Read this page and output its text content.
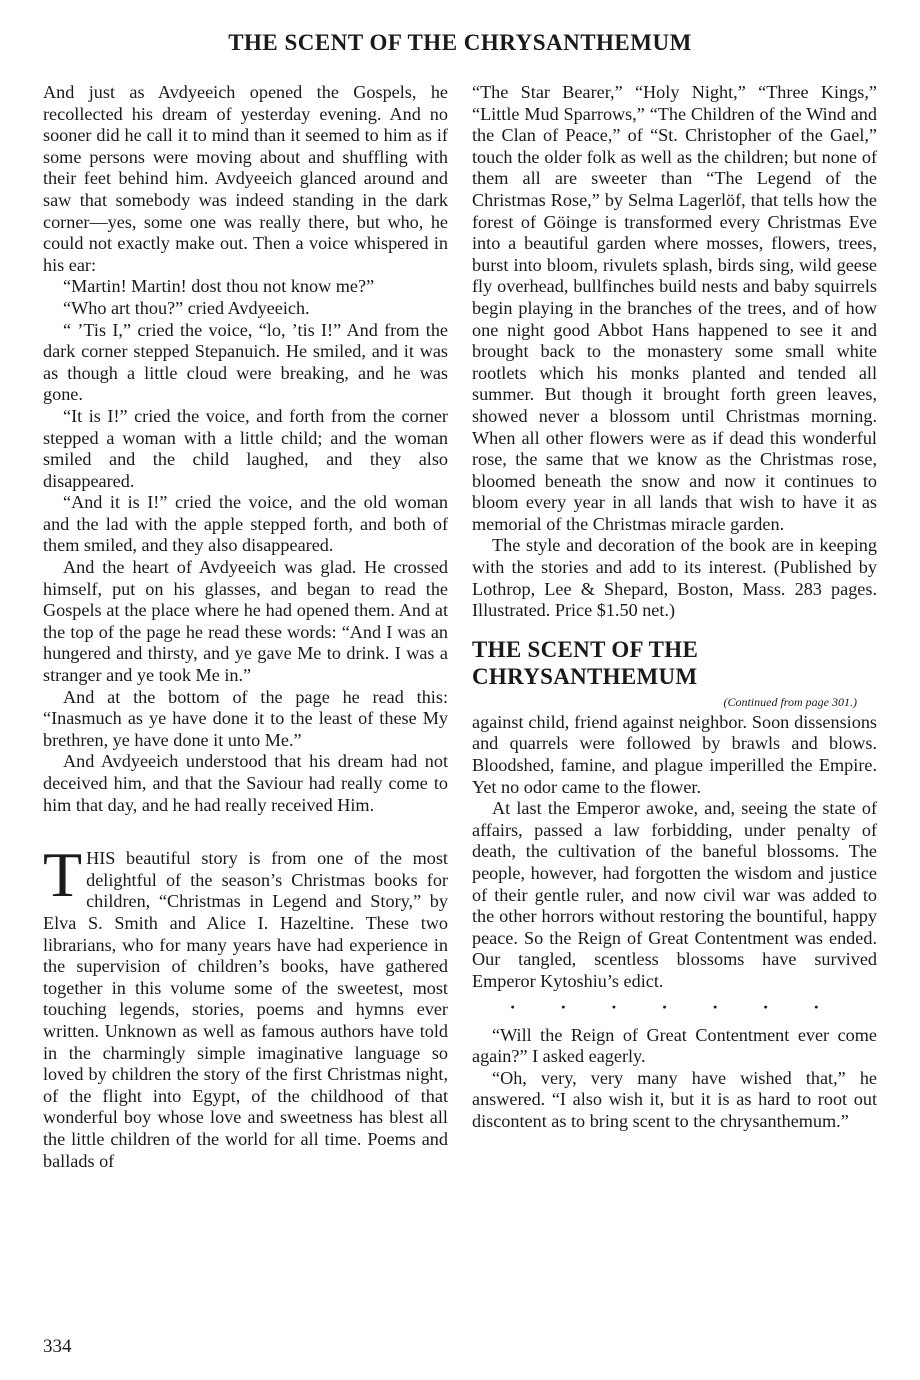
THE SCENT OF THE CHRYSANTHEMUM

And just as Avdyeeich opened the Gospels, he recollected his dream of yesterday evening. And no sooner did he call it to mind than it seemed to him as if some persons were moving about and shuffling with their feet behind him. Avdyeeich glanced around and saw that somebody was indeed standing in the dark corner—yes, some one was really there, but who, he could not exactly make out. Then a voice whispered in his ear:

“Martin! Martin! dost thou not know me?”

“Who art thou?” cried Avdyeeich.

“ ’Tis I,” cried the voice, “lo, ’tis I!” And from the dark corner stepped Stepanuich. He smiled, and it was as though a little cloud were breaking, and he was gone.

“It is I!” cried the voice, and forth from the corner stepped a woman with a little child; and the woman smiled and the child laughed, and they also disappeared.

“And it is I!” cried the voice, and the old woman and the lad with the apple stepped forth, and both of them smiled, and they also disappeared.

And the heart of Avdyeeich was glad. He crossed himself, put on his glasses, and began to read the Gospels at the place where he had opened them. And at the top of the page he read these words: “And I was an hungered and thirsty, and ye gave Me to drink. I was a stranger and ye took Me in.”

And at the bottom of the page he read this: “Inasmuch as ye have done it to the least of these My brethren, ye have done it unto Me.”

And Avdyeeich understood that his dream had not deceived him, and that the Saviour had really come to him that day, and he had really received Him.

THIS beautiful story is from one of the most delightful of the season’s Christmas books for children, “Christmas in Legend and Story,” by Elva S. Smith and Alice I. Hazeltine. These two librarians, who for many years have had experience in the supervision of children’s books, have gathered together in this volume some of the sweetest, most touching legends, stories, poems and hymns ever written. Unknown as well as famous authors have told in the charmingly simple imaginative language so loved by children the story of the first Christmas night, of the flight into Egypt, of the childhood of that wonderful boy whose love and sweetness has blest all the little children of the world for all time. Poems and ballads of

“The Star Bearer,” “Holy Night,” “Three Kings,” “Little Mud Sparrows,” “The Children of the Wind and the Clan of Peace,” of “St. Christopher of the Gael,” touch the older folk as well as the children; but none of them all are sweeter than “The Legend of the Christmas Rose,” by Selma Lagerlöf, that tells how the forest of Göinge is transformed every Christmas Eve into a beautiful garden where mosses, flowers, trees, burst into bloom, rivulets splash, birds sing, wild geese fly overhead, bullfinches build nests and baby squirrels begin playing in the branches of the trees, and of how one night good Abbot Hans happened to see it and brought back to the monastery some small white rootlets which his monks planted and tended all summer. But though it brought forth green leaves, showed never a blossom until Christmas morning. When all other flowers were as if dead this wonderful rose, the same that we know as the Christmas rose, bloomed beneath the snow and now it continues to bloom every year in all lands that wish to have it as memorial of the Christmas miracle garden.

The style and decoration of the book are in keeping with the stories and add to its interest. (Published by Lothrop, Lee & Shepard, Boston, Mass. 283 pages. Illustrated. Price $1.50 net.)

THE SCENT OF THE CHRYSANTHEMUM
(Continued from page 301.)

against child, friend against neighbor. Soon dissensions and quarrels were followed by brawls and blows. Bloodshed, famine, and plague imperilled the Empire. Yet no odor came to the flower.

At last the Emperor awoke, and, seeing the state of affairs, passed a law forbidding, under penalty of death, the cultivation of the baneful blossoms. The people, however, had forgotten the wisdom and justice of their gentle ruler, and now civil war was added to the other horrors without restoring the bountiful, happy peace. So the Reign of Great Contentment was ended. Our tangled, scentless blossoms have survived Emperor Kytoshiu’s edict.

· · · · · · ·

“Will the Reign of Great Contentment ever come again?” I asked eagerly.

“Oh, very, very many have wished that,” he answered. “I also wish it, but it is as hard to root out discontent as to bring scent to the chrysanthemum.”

334
